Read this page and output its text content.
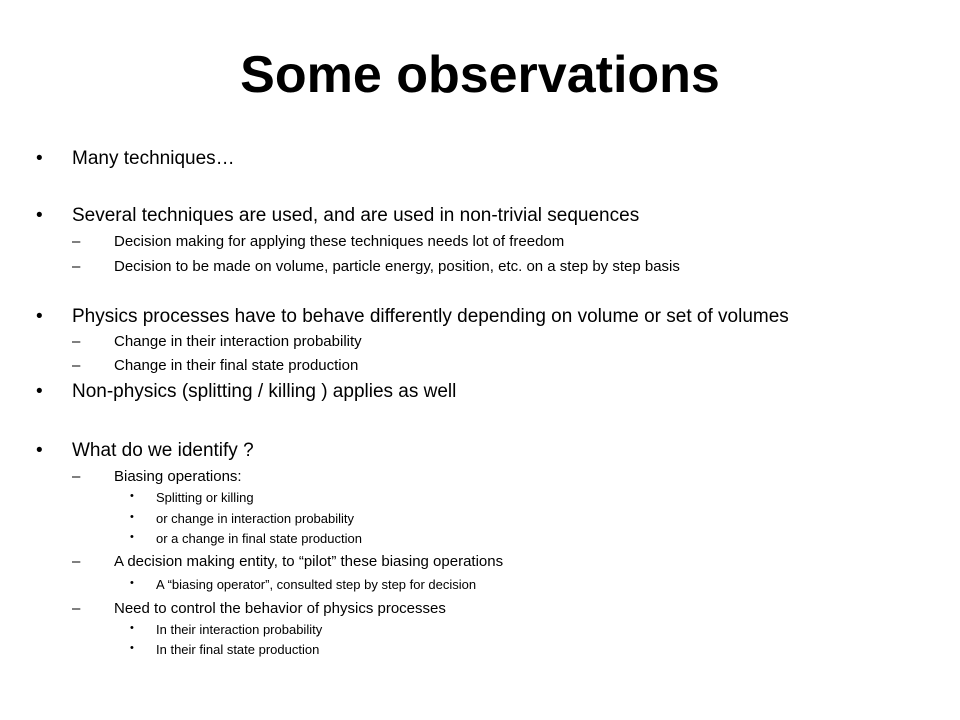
Some observations
• Many techniques…
• Several techniques are used, and are used in non-trivial sequences
– Decision making for applying these techniques needs lot of freedom
– Decision to be made on volume, particle energy, position, etc. on a step by step basis
• Physics processes have to behave differently depending on volume or set of volumes
– Change in their interaction probability
– Change in their final state production
• Non-physics (splitting / killing ) applies as well
• What do we identify ?
– Biasing operations:
• Splitting or killing
• or change in interaction probability
• or a change in final state production
– A decision making entity, to “pilot” these biasing operations
• A “biasing operator”, consulted step by step for decision
– Need to control the behavior of physics processes
• In their interaction probability
• In their final state production
